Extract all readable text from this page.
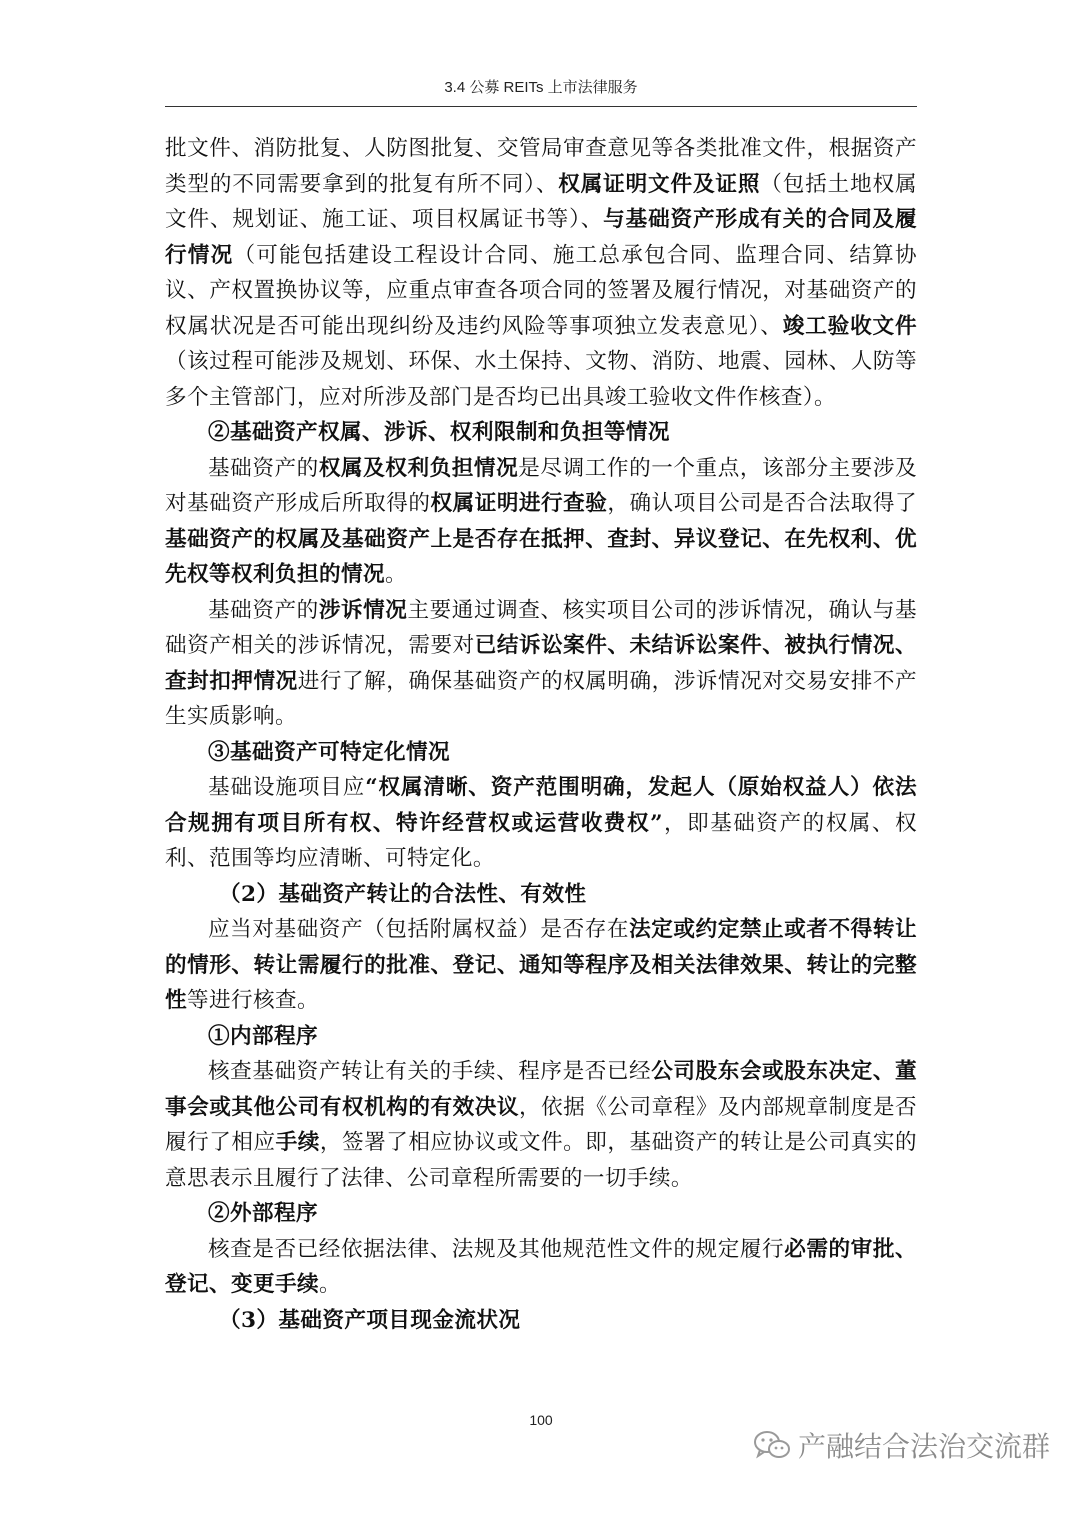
3.4 公募 REITs 上市法律服务

批文件、消防批复、人防图批复、交管局审查意见等各类批准文件，根据资产类型的不同需要拿到的批复有所不同）、权属证明文件及证照（包括土地权属文件、规划证、施工证、项目权属证书等）、与基础资产形成有关的合同及履行情况（可能包括建设工程设计合同、施工总承包合同、监理合同、结算协议、产权置换协议等，应重点审查各项合同的签署及履行情况，对基础资产的权属状况是否可能出现纠纷及违约风险等事项独立发表意见）、竣工验收文件（该过程可能涉及规划、环保、水土保持、文物、消防、地震、园林、人防等多个主管部门，应对所涉及部门是否均已出具竣工验收文件作核查）。

②基础资产权属、涉诉、权利限制和负担等情况

基础资产的权属及权利负担情况是尽调工作的一个重点，该部分主要涉及对基础资产形成后所取得的权属证明进行查验，确认项目公司是否合法取得了基础资产的权属及基础资产上是否存在抵押、查封、异议登记、在先权利、优先权等权利负担的情况。

基础资产的涉诉情况主要通过调查、核实项目公司的涉诉情况，确认与基础资产相关的涉诉情况，需要对已结诉讼案件、未结诉讼案件、被执行情况、查封扣押情况进行了解，确保基础资产的权属明确，涉诉情况对交易安排不产生实质影响。

③基础资产可特定化情况

基础设施项目应“权属清晰、资产范围明确，发起人（原始权益人）依法合规拥有项目所有权、特许经营权或运营收费权”，即基础资产的权属、权利、范围等均应清晰、可特定化。

（2）基础资产转让的合法性、有效性

应当对基础资产（包括附属权益）是否存在法定或约定禁止或者不得转让的情形、转让需履行的批准、登记、通知等程序及相关法律效果、转让的完整性等进行核查。

①内部程序

核查基础资产转让有关的手续、程序是否已经公司股东会或股东决定、董事会或其他公司有权机构的有效决议，依据《公司章程》及内部规章制度是否履行了相应手续，签署了相应协议或文件。即，基础资产的转让是公司真实的意思表示且履行了法律、公司章程所需要的一切手续。

②外部程序

核查是否已经依据法律、法规及其他规范性文件的规定履行必需的审批、登记、变更手续。

（3）基础资产项目现金流状况

100
产融结合法治交流群
